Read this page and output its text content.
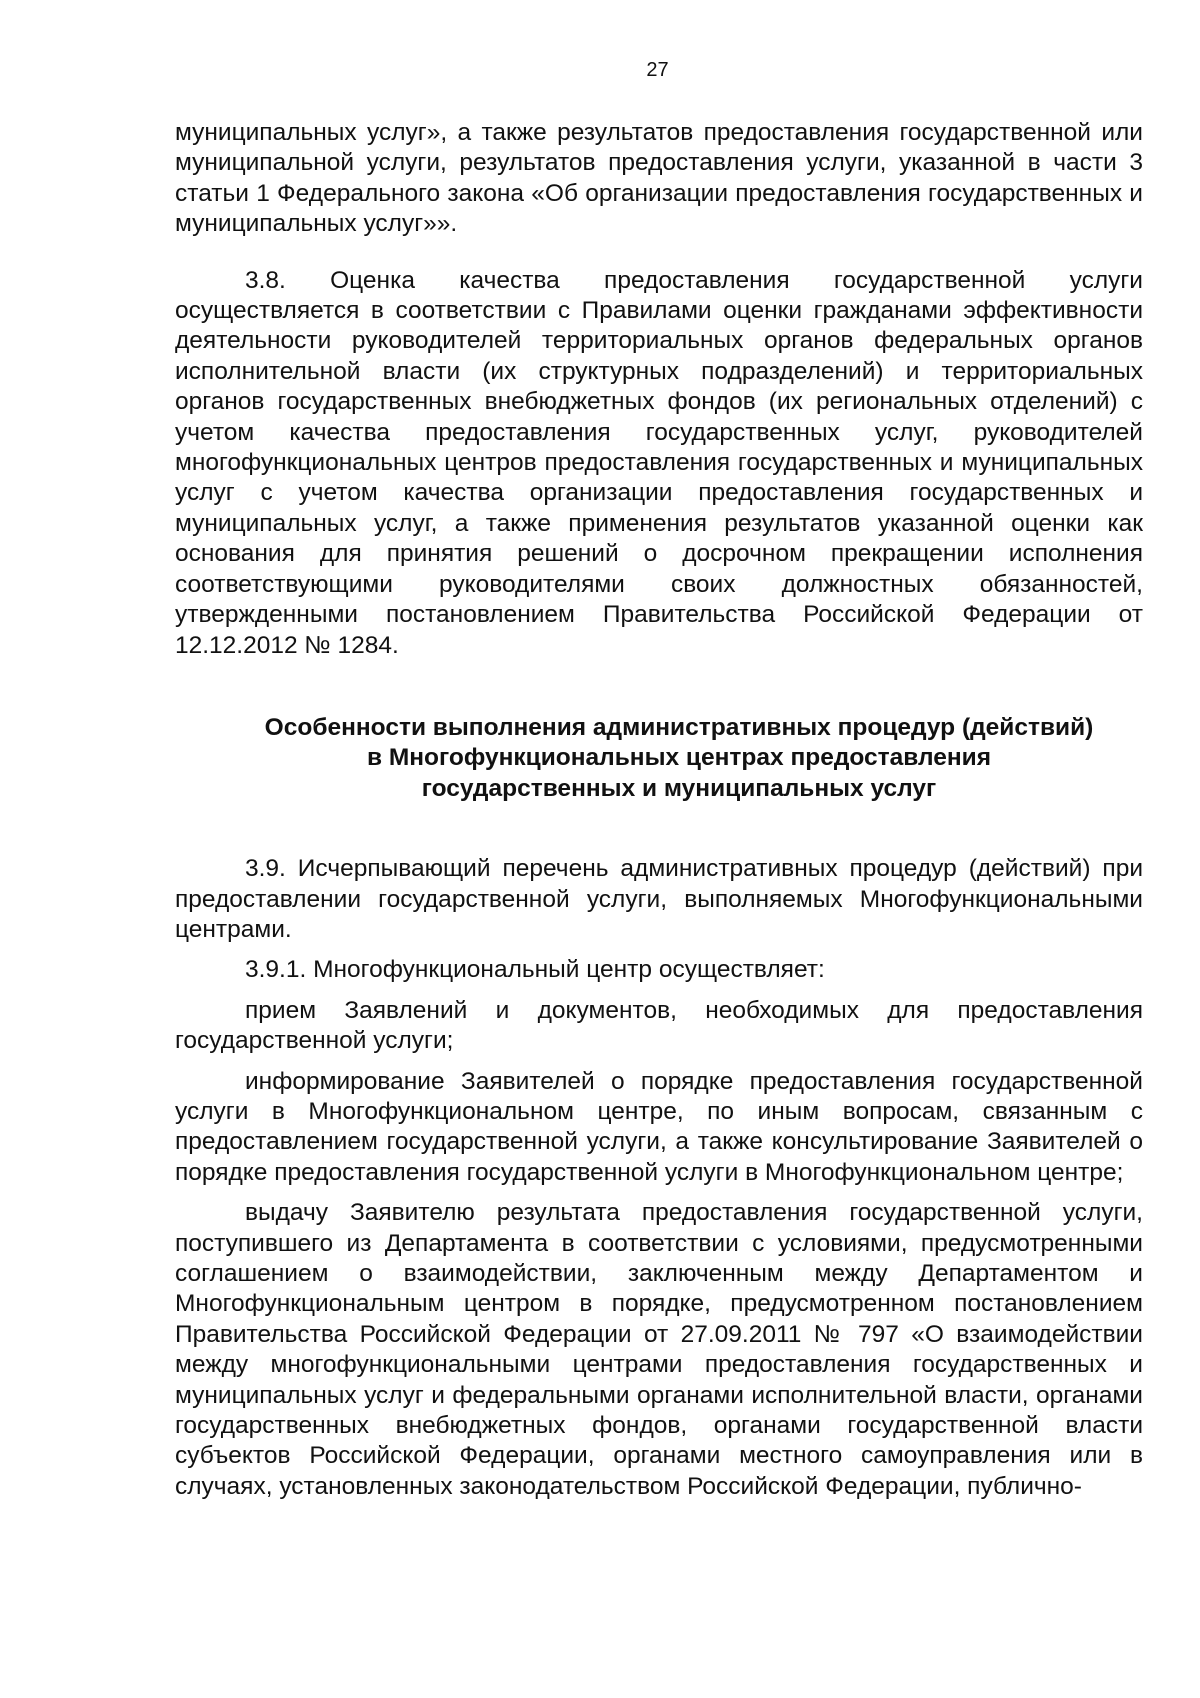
27

муниципальных услуг», а также результатов предоставления государственной или муниципальной услуги, результатов предоставления услуги, указанной в части 3 статьи 1 Федерального закона «Об организации предоставления государственных и муниципальных услуг»».

3.8. Оценка качества предоставления государственной услуги осуществляется в соответствии с Правилами оценки гражданами эффективности деятельности руководителей территориальных органов федеральных органов исполнительной власти (их структурных подразделений) и территориальных органов государственных внебюджетных фондов (их региональных отделений) с учетом качества предоставления государственных услуг, руководителей многофункциональных центров предоставления государственных и муниципальных услуг с учетом качества организации предоставления государственных и муниципальных услуг, а также применения результатов указанной оценки как основания для принятия решений о досрочном прекращении исполнения соответствующими руководителями своих должностных обязанностей, утвержденными постановлением Правительства Российской Федерации от 12.12.2012 № 1284.

Особенности выполнения административных процедур (действий)
в Многофункциональных центрах предоставления
государственных и муниципальных услуг

3.9. Исчерпывающий перечень административных процедур (действий) при предоставлении государственной услуги, выполняемых Многофункциональными центрами.

3.9.1. Многофункциональный центр осуществляет:

прием Заявлений и документов, необходимых для предоставления государственной услуги;

информирование Заявителей о порядке предоставления государственной услуги в Многофункциональном центре, по иным вопросам, связанным с предоставлением государственной услуги, а также консультирование Заявителей о порядке предоставления государственной услуги в Многофункциональном центре;

выдачу Заявителю результата предоставления государственной услуги, поступившего из Департамента в соответствии с условиями, предусмотренными соглашением о взаимодействии, заключенным между Департаментом и Многофункциональным центром в порядке, предусмотренном постановлением Правительства Российской Федерации от 27.09.2011 № 797 «О взаимодействии между многофункциональными центрами предоставления государственных и муниципальных услуг и федеральными органами исполнительной власти, органами государственных внебюджетных фондов, органами государственной власти субъектов Российской Федерации, органами местного самоуправления или в случаях, установленных законодательством Российской Федерации, публично-
